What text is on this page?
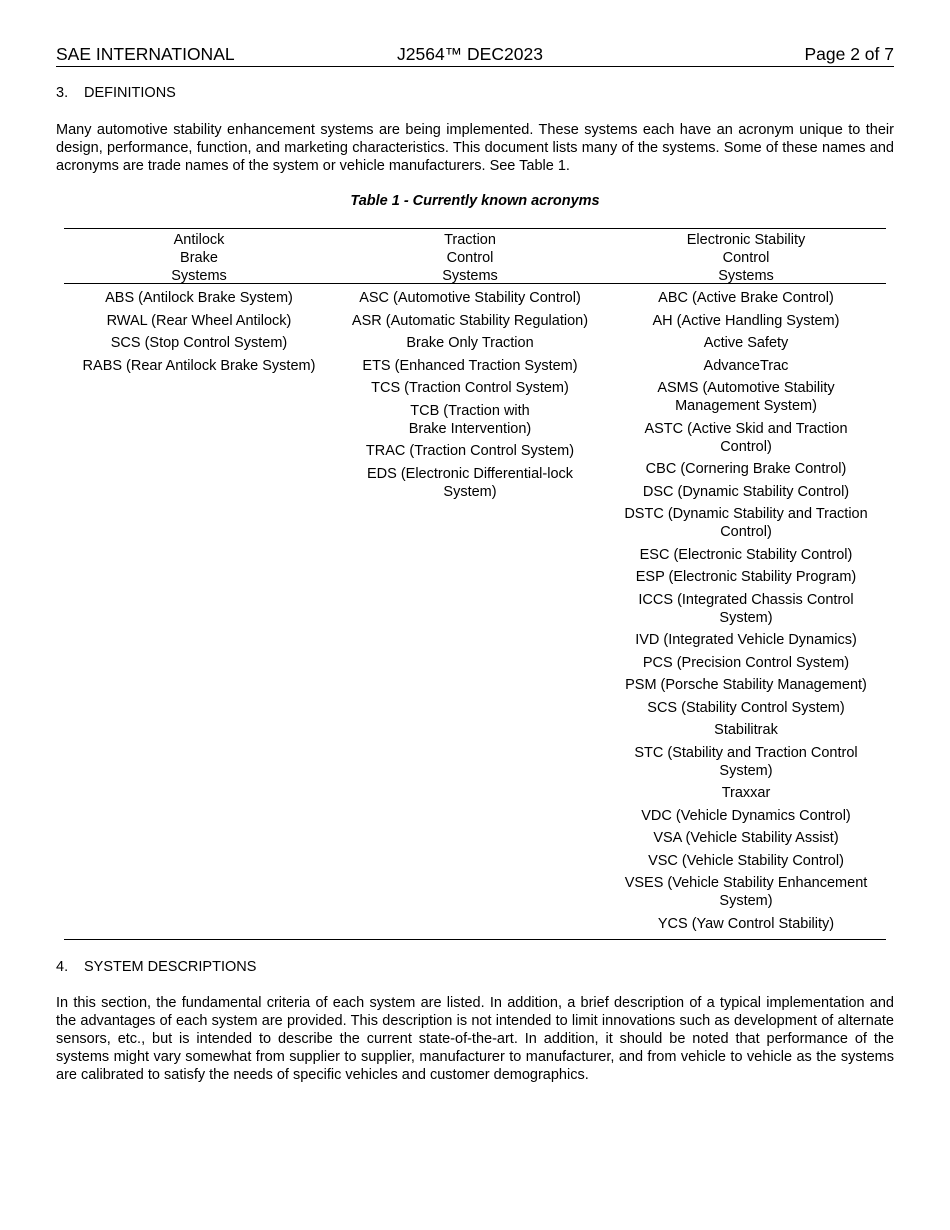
SAE INTERNATIONAL	J2564™ DEC2023	Page 2 of 7
3. DEFINITIONS
Many automotive stability enhancement systems are being implemented. These systems each have an acronym unique to their design, performance, function, and marketing characteristics. This document lists many of the systems. Some of these names and acronyms are trade names of the system or vehicle manufacturers. See Table 1.
Table 1 - Currently known acronyms
Antilock
Brake
Systems
Traction
Control
Systems
Electronic Stability
Control
Systems
ABS (Antilock Brake System)
RWAL (Rear Wheel Antilock)
SCS (Stop Control System)
RABS (Rear Antilock Brake System)
ASC (Automotive Stability Control)
ASR (Automatic Stability Regulation)
Brake Only Traction
ETS (Enhanced Traction System)
TCS (Traction Control System)
TCB (Traction with Brake Intervention)
TRAC (Traction Control System)
EDS (Electronic Differential-lock System)
ABC (Active Brake Control)
AH (Active Handling System)
Active Safety
AdvanceTrac
ASMS (Automotive Stability Management System)
ASTC (Active Skid and Traction Control)
CBC (Cornering Brake Control)
DSC (Dynamic Stability Control)
DSTC (Dynamic Stability and Traction Control)
ESC (Electronic Stability Control)
ESP (Electronic Stability Program)
ICCS (Integrated Chassis Control System)
IVD (Integrated Vehicle Dynamics)
PCS (Precision Control System)
PSM (Porsche Stability Management)
SCS (Stability Control System)
Stabilitrak
STC (Stability and Traction Control System)
Traxxar
VDC (Vehicle Dynamics Control)
VSA (Vehicle Stability Assist)
VSC (Vehicle Stability Control)
VSES (Vehicle Stability Enhancement System)
YCS (Yaw Control Stability)
4. SYSTEM DESCRIPTIONS
In this section, the fundamental criteria of each system are listed. In addition, a brief description of a typical implementation and the advantages of each system are provided. This description is not intended to limit innovations such as development of alternate sensors, etc., but is intended to describe the current state-of-the-art. In addition, it should be noted that performance of the systems might vary somewhat from supplier to supplier, manufacturer to manufacturer, and from vehicle to vehicle as the systems are calibrated to satisfy the needs of specific vehicles and customer demographics.
